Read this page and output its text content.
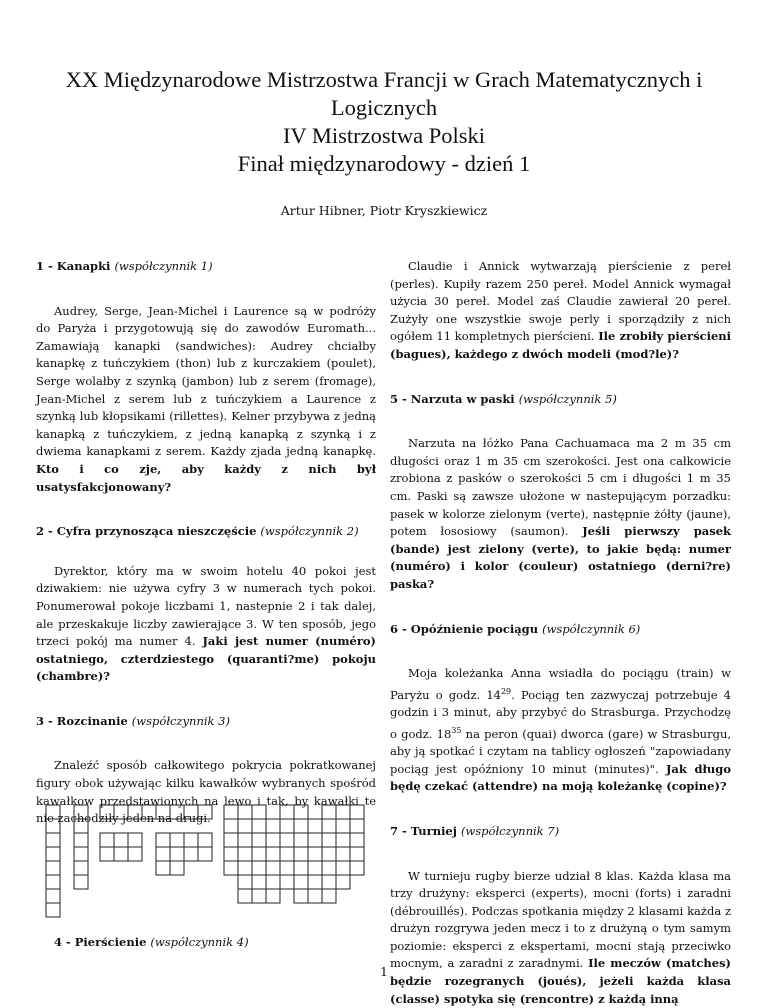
XX Międzynarodowe Mistrzostwa Francji w Grach Matematycznych i
Logicznych
IV Mistrzostwa Polski
Finał międzynarodowy - dzień 1
Artur Hibner, Piotr Kryszkiewicz

1 - Kanapki (współczynnik 1)

Audrey, Serge, Jean-Michel i Laurence są w podróży do Paryża i przygotowują się do zawodów Euromath... Zamawiają kanapki (sandwiches): Audrey chciałby kanapkę z tuńczykiem (thon) lub z kurczakiem (poulet), Serge wolałby z szynką (jambon) lub z serem (fromage), Jean-Michel z serem lub z tuńczykiem a Laurence z szynką lub kłopsikami (rillettes). Kelner przybywa z jedną kanapką z tuńczykiem, z jedną kanapką z szynką i z dwiema kanapkami z serem. Każdy zjada jedną kanapkę. Kto i co zje, aby każdy z nich był usatysfakcjonowany?

2 - Cyfra przynosząca nieszczęście (współczynnik 2)

Dyrektor, który ma w swoim hotelu 40 pokoi jest dziwakiem: nie używa cyfry 3 w numerach tych pokoi. Ponumerował pokoje liczbami 1, nastepnie 2 i tak dalej, ale przeskakuje liczby zawierające 3. W ten sposób, jego trzeci pokój ma numer 4. Jaki jest numer (numéro) ostatniego, czterdziestego (quaranti?me) pokoju (chambre)?

3 - Rozcinanie (współczynnik 3)

Znaleźć sposób całkowitego pokrycia pokratkowanej figury obok używając kilku kawałków wybranych spośród kawałkow przedstawionych na lewo i tak, by kawałki te nie zachodziły jeden na drugi.

4 - Pierścienie (współczynnik 4)

Claudie i Annick wytwarzają pierścienie z pereł (perles). Kupiły razem 250 pereł. Model Annick wymagał użycia 30 pereł. Model zaś Claudie zawierał 20 pereł. Zużyły one wszystkie swoje perly i sporządziły z nich ogółem 11 kompletnych pierścieni. Ile zrobiły pierścieni (bagues), każdego z dwóch modeli (mod?le)?

5 - Narzuta w paski (współczynnik 5)

Narzuta na łóżko Pana Cachuamaca ma 2 m 35 cm długości oraz 1 m 35 cm szerokości. Jest ona całkowicie zrobiona z pasków o szerokości 5 cm i długości 1 m 35 cm. Paski są zawsze ułożone w nastepującym porzadku: pasek w kolorze zielonym (verte), następnie żółty (jaune), potem łososiowy (saumon). Jeśli pierwszy pasek (bande) jest zielony (verte), to jakie będą: numer (numéro) i kolor (couleur) ostatniego (derni?re) paska?

6 - Opóźnienie pociągu (współczynnik 6)

Moja koleżanka Anna wsiadła do pociągu (train) w Paryżu o godz. $14^{29}$. Pociąg ten zazwyczaj potrzebuje 4 godzin i 3 minut, aby przybyć do Strasburga. Przychodzę o godz. $18^{35}$ na peron (quai) dworca (gare) w Strasburgu, aby ją spotkać i czytam na tablicy ogłoszeń "zapowiadany pociąg jest opóźniony 10 minut (minutes)". Jak długo będę czekać (attendre) na moją koleżankę (copine)?

7 - Turniej (współczynnik 7)

W turnieju rugby bierze udział 8 klas. Każda klasa ma trzy drużyny: eksperci (experts), mocni (forts) i zaradni (débrouillés). Podczas spotkania między 2 klasami każda z drużyn rozgrywa jeden mecz i to z drużyną o tym samym poziomie: eksperci z ekspertami, mocni stają przeciwko mocnym, a zaradni z zaradnymi. Ile meczów (matches) będzie rozegranych (joués), jeżeli każda klasa (classe) spotyka się (rencontre) z każdą inną

1
